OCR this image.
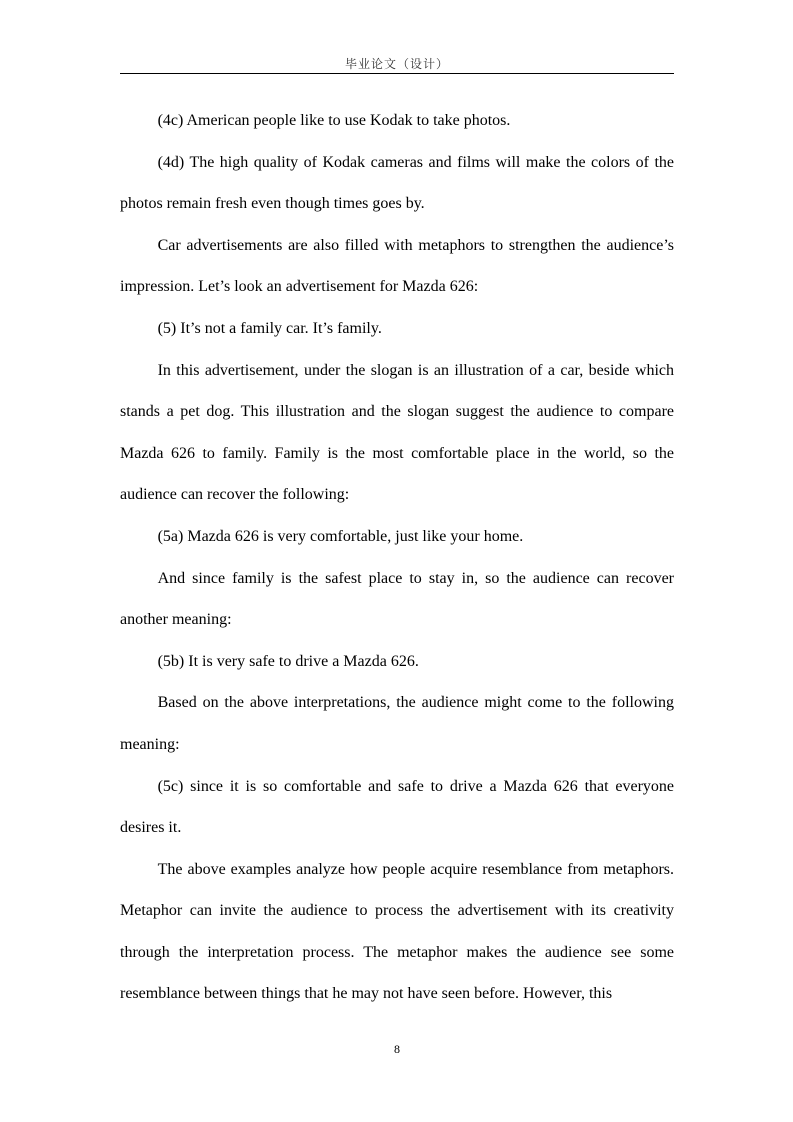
毕业论文（设计）

(4c) American people like to use Kodak to take photos.

(4d) The high quality of Kodak cameras and films will make the colors of the photos remain fresh even though times goes by.

Car advertisements are also filled with metaphors to strengthen the audience’s impression. Let’s look an advertisement for Mazda 626:

(5) It’s not a family car. It’s family.

In this advertisement, under the slogan is an illustration of a car, beside which stands a pet dog. This illustration and the slogan suggest the audience to compare Mazda 626 to family. Family is the most comfortable place in the world, so the audience can recover the following:

(5a) Mazda 626 is very comfortable, just like your home.

And since family is the safest place to stay in, so the audience can recover another meaning:

(5b) It is very safe to drive a Mazda 626.

Based on the above interpretations, the audience might come to the following meaning:

(5c) since it is so comfortable and safe to drive a Mazda 626 that everyone desires it.

The above examples analyze how people acquire resemblance from metaphors. Metaphor can invite the audience to process the advertisement with its creativity through the interpretation process. The metaphor makes the audience see some resemblance between things that he may not have seen before. However, this

8
